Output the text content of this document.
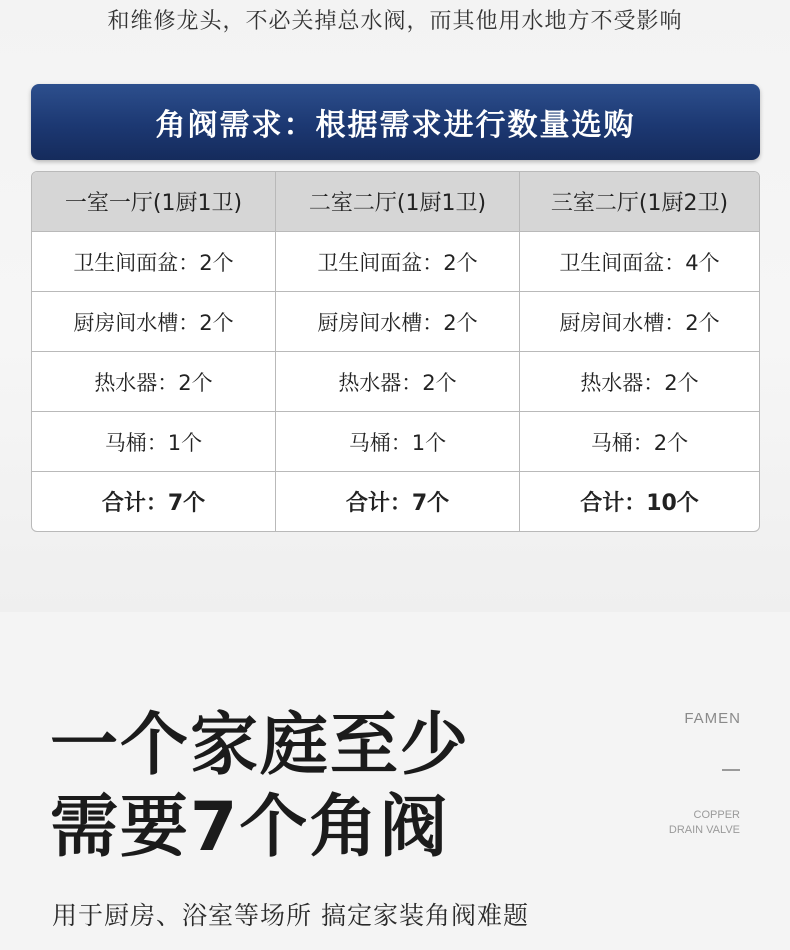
和维修龙头，不必关掉总水阀，而其他用水地方不受影响
角阀需求：根据需求进行数量选购
一室一厅(1厨1卫)	二室二厅(1厨1卫)	三室二厅(1厨2卫)
卫生间面盆：2个	卫生间面盆：2个	卫生间面盆：4个
厨房间水槽：2个	厨房间水槽：2个	厨房间水槽：2个
热水器：2个	热水器：2个	热水器：2个
马桶：1个	马桶：1个	马桶：2个
合计：7个	合计：7个	合计：10个
一个家庭至少
需要7个角阀
用于厨房、浴室等场所 搞定家装角阀难题
FAMEN
COPPER
DRAIN VALVE
